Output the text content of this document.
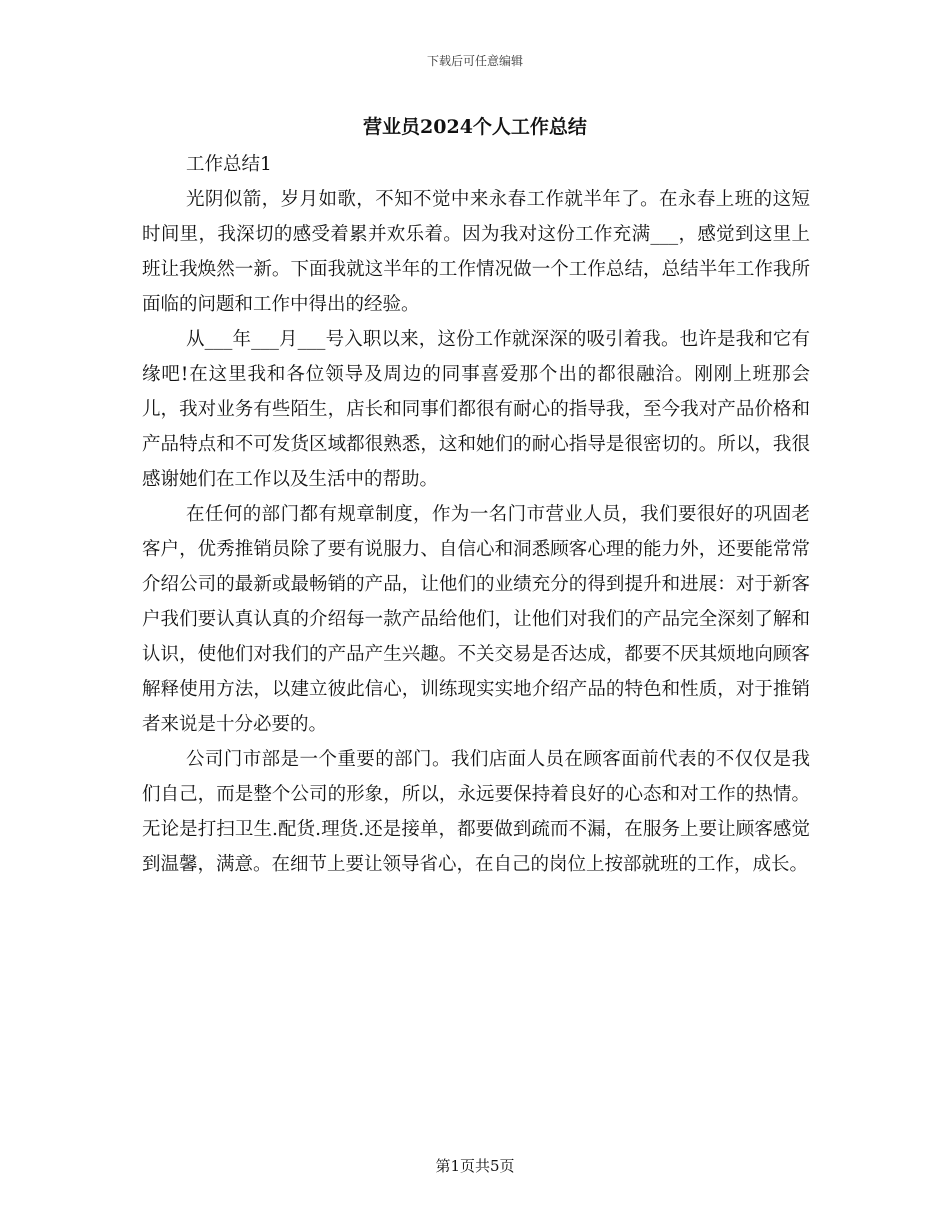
下载后可任意编辑
营业员2024个人工作总结

工作总结1

光阴似箭，岁月如歌，不知不觉中来永春工作就半年了。在永春上班的这短时间里，我深切的感受着累并欢乐着。因为我对这份工作充满___，感觉到这里上班让我焕然一新。下面我就这半年的工作情况做一个工作总结，总结半年工作我所面临的问题和工作中得出的经验。

从___年___月___号入职以来，这份工作就深深的吸引着我。也许是我和它有缘吧!在这里我和各位领导及周边的同事喜爱那个出的都很融洽。刚刚上班那会儿，我对业务有些陌生，店长和同事们都很有耐心的指导我，至今我对产品价格和产品特点和不可发货区域都很熟悉，这和她们的耐心指导是很密切的。所以，我很感谢她们在工作以及生活中的帮助。

在任何的部门都有规章制度，作为一名门市营业人员，我们要很好的巩固老客户，优秀推销员除了要有说服力、自信心和洞悉顾客心理的能力外，还要能常常介绍公司的最新或最畅销的产品，让他们的业绩充分的得到提升和进展：对于新客户我们要认真认真的介绍每一款产品给他们，让他们对我们的产品完全深刻了解和认识，使他们对我们的产品产生兴趣。不关交易是否达成，都要不厌其烦地向顾客解释使用方法，以建立彼此信心，训练现实实地介绍产品的特色和性质，对于推销者来说是十分必要的。

公司门市部是一个重要的部门。我们店面人员在顾客面前代表的不仅仅是我们自己，而是整个公司的形象，所以，永远要保持着良好的心态和对工作的热情。无论是打扫卫生.配货.理货.还是接单，都要做到疏而不漏，在服务上要让顾客感觉到温馨，满意。在细节上要让领导省心，在自己的岗位上按部就班的工作，成长。

第1页共5页
